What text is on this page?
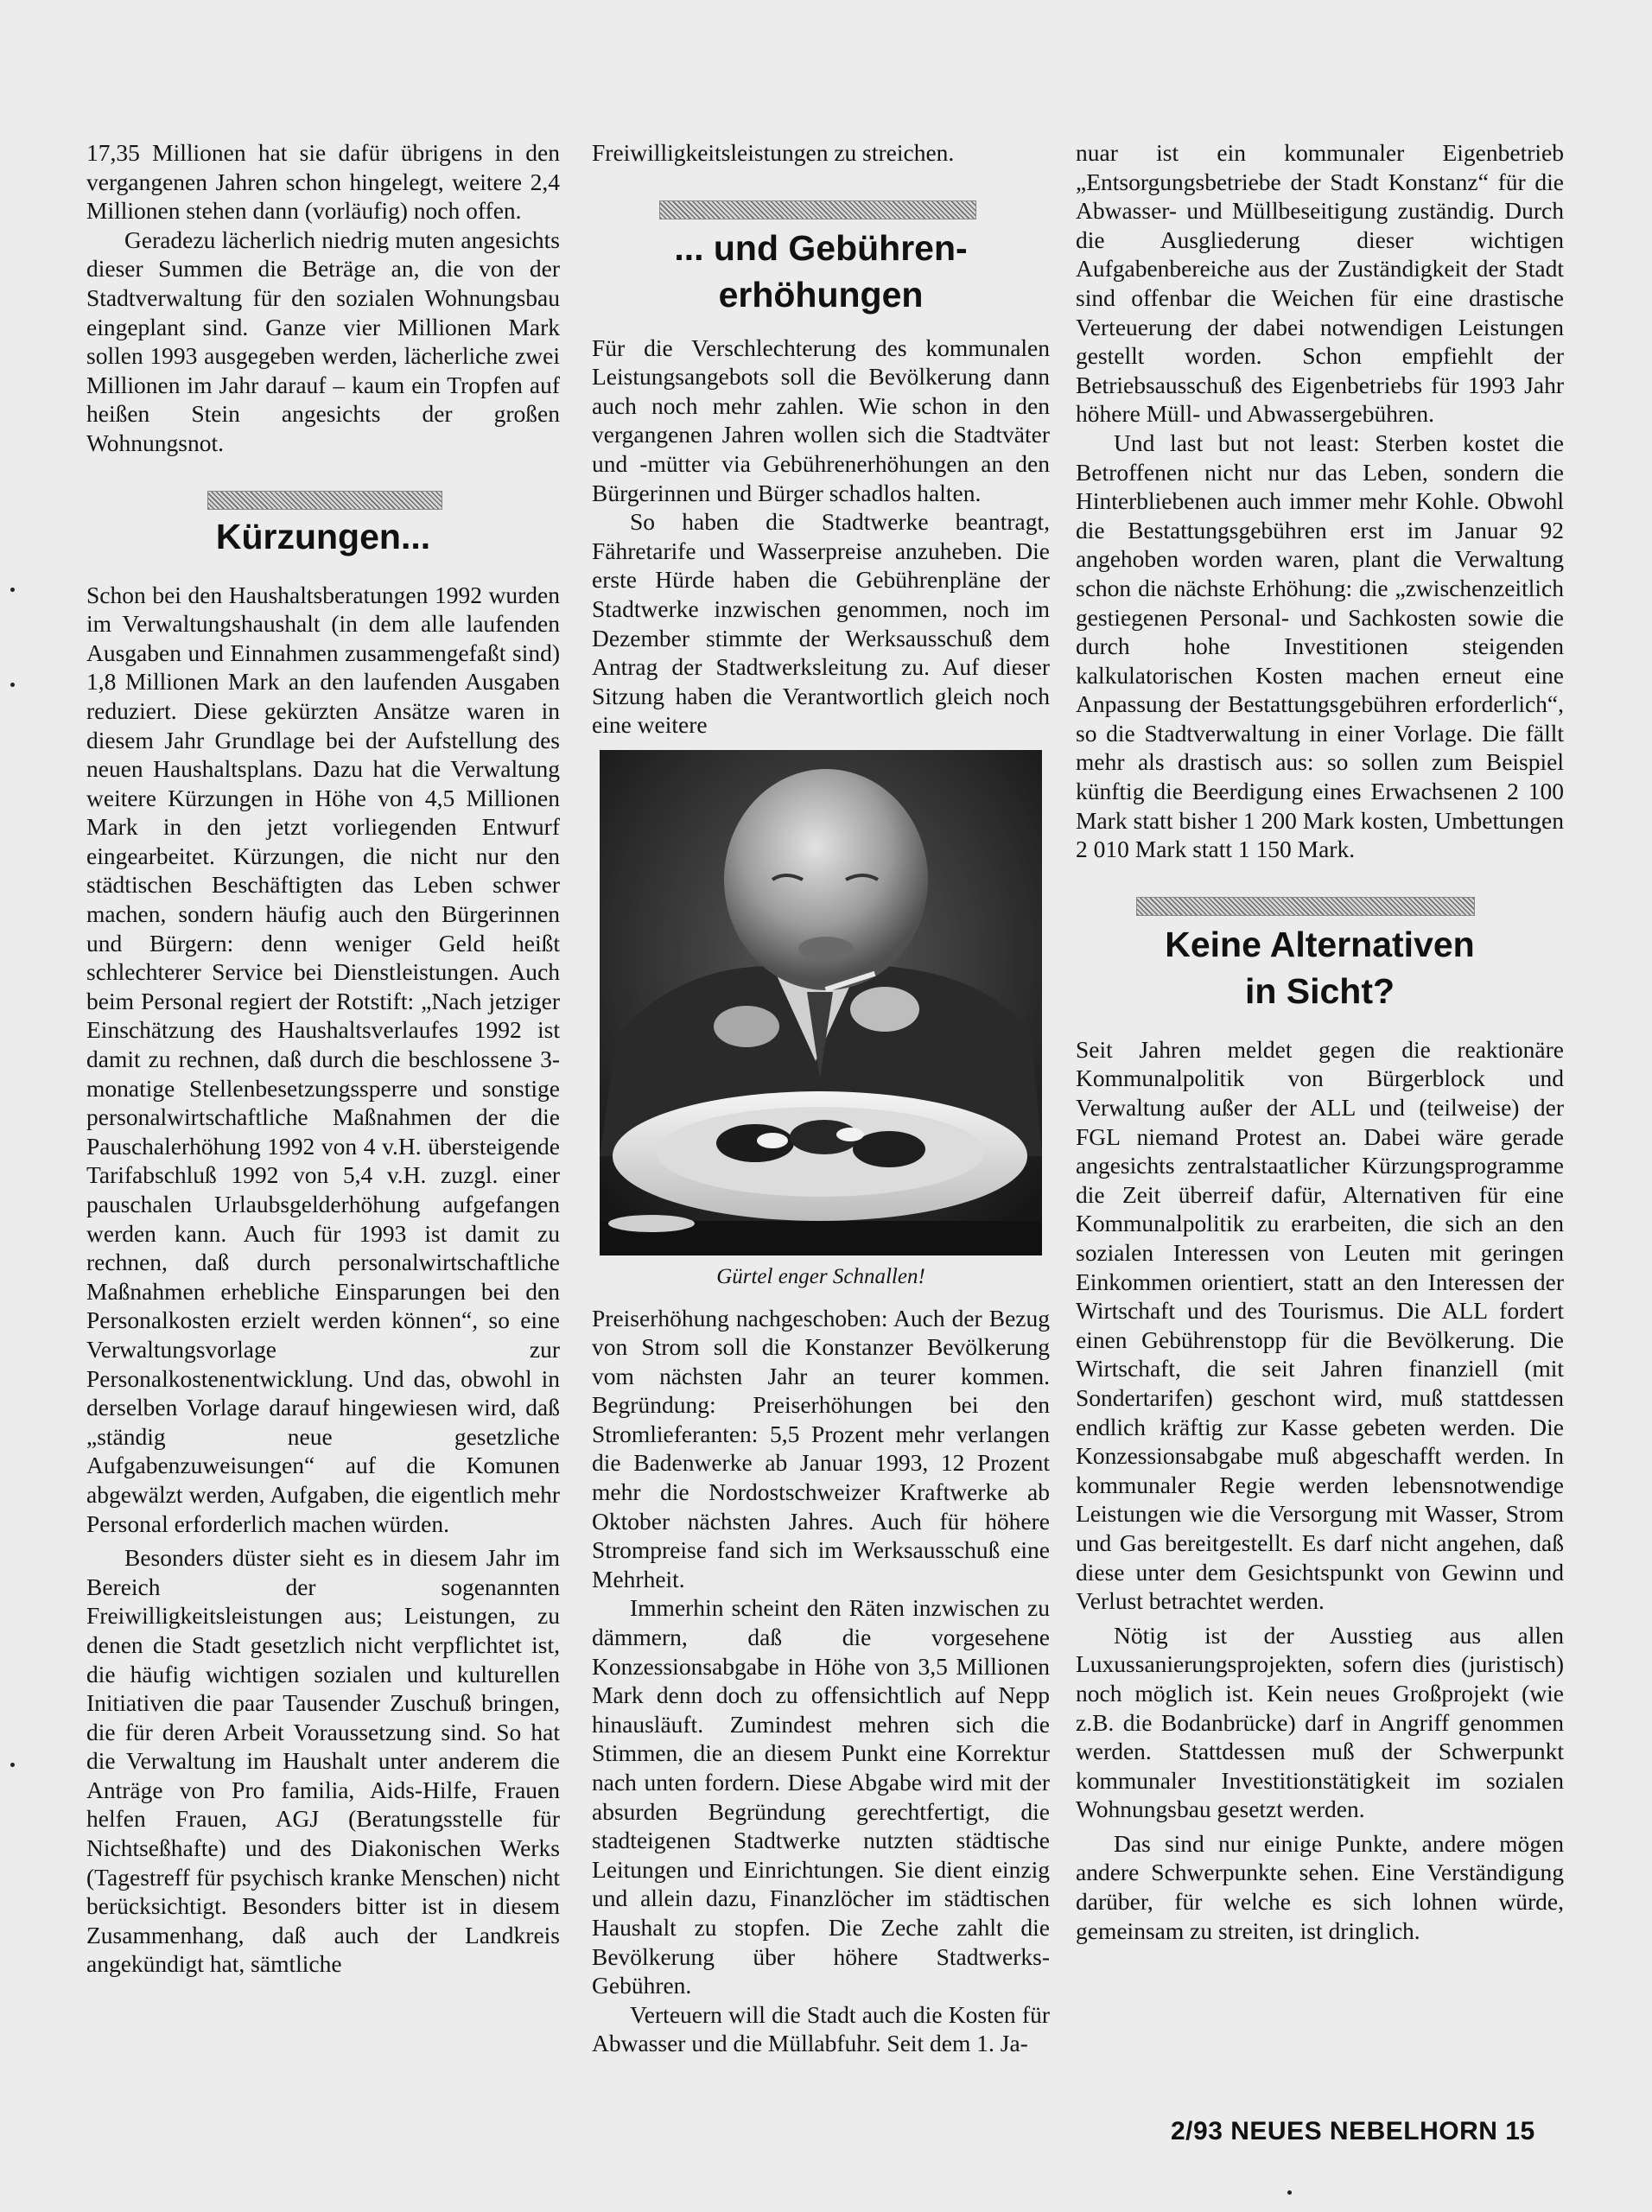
17,35 Millionen hat sie dafür übrigens in den vergangenen Jahren schon hingelegt, weitere 2,4 Millionen stehen dann (vorläufig) noch offen.

Geradezu lächerlich niedrig muten angesichts dieser Summen die Beträge an, die von der Stadtverwaltung für den sozialen Wohnungsbau eingeplant sind. Ganze vier Millionen Mark sollen 1993 ausgegeben werden, lächerliche zwei Millionen im Jahr darauf – kaum ein Tropfen auf heißen Stein angesichts der großen Wohnungsnot.

Kürzungen...

Schon bei den Haushaltsberatungen 1992 wurden im Verwaltungshaushalt (in dem alle laufenden Ausgaben und Einnahmen zusammengefaßt sind) 1,8 Millionen Mark an den laufenden Ausgaben reduziert. Diese gekürzten Ansätze waren in diesem Jahr Grundlage bei der Aufstellung des neuen Haushaltsplans. Dazu hat die Verwaltung weitere Kürzungen in Höhe von 4,5 Millionen Mark in den jetzt vorliegenden Entwurf eingearbeitet. Kürzungen, die nicht nur den städtischen Beschäftigten das Leben schwer machen, sondern häufig auch den Bürgerinnen und Bürgern: denn weniger Geld heißt schlechterer Service bei Dienstleistungen. Auch beim Personal regiert der Rotstift: „Nach jetziger Einschätzung des Haushaltsverlaufes 1992 ist damit zu rechnen, daß durch die beschlossene 3-monatige Stellenbesetzungssperre und sonstige personalwirtschaftliche Maßnahmen der die Pauschalerhöhung 1992 von 4 v.H. übersteigende Tarifabschluß 1992 von 5,4 v.H. zuzgl. einer pauschalen Urlaubsgelderhöhung aufgefangen werden kann. Auch für 1993 ist damit zu rechnen, daß durch personalwirtschaftliche Maßnahmen erhebliche Einsparungen bei den Personalkosten erzielt werden können“, so eine Verwaltungsvorlage zur Personalkostenentwicklung. Und das, obwohl in derselben Vorlage darauf hingewiesen wird, daß „ständig neue gesetzliche Aufgabenzuweisungen“ auf die Komunen abgewälzt werden, Aufgaben, die eigentlich mehr Personal erforderlich machen würden.

Besonders düster sieht es in diesem Jahr im Bereich der sogenannten Freiwilligkeitsleistungen aus; Leistungen, zu denen die Stadt gesetzlich nicht verpflichtet ist, die häufig wichtigen sozialen und kulturellen Initiativen die paar Tausender Zuschuß bringen, die für deren Arbeit Voraussetzung sind. So hat die Verwaltung im Haushalt unter anderem die Anträge von Pro familia, Aids-Hilfe, Frauen helfen Frauen, AGJ (Beratungsstelle für Nichtseßhafte) und des Diakonischen Werks (Tagestreff für psychisch kranke Menschen) nicht berücksichtigt. Besonders bitter ist in diesem Zusammenhang, daß auch der Landkreis angekündigt hat, sämtliche

Freiwilligkeitsleistungen zu streichen.

... und Gebühren-erhöhungen

Für die Verschlechterung des kommunalen Leistungsangebots soll die Bevölkerung dann auch noch mehr zahlen. Wie schon in den vergangenen Jahren wollen sich die Stadtväter und -mütter via Gebührenerhöhungen an den Bürgerinnen und Bürger schadlos halten.

So haben die Stadtwerke beantragt, Fähretarife und Wasserpreise anzuheben. Die erste Hürde haben die Gebührenpläne der Stadtwerke inzwischen genommen, noch im Dezember stimmte der Werksausschuß dem Antrag der Stadtwerksleitung zu. Auf dieser Sitzung haben die Verantwortlich gleich noch eine weitere

Gürtel enger Schnallen!

Preiserhöhung nachgeschoben: Auch der Bezug von Strom soll die Konstanzer Bevölkerung vom nächsten Jahr an teurer kommen. Begründung: Preiserhöhungen bei den Stromlieferanten: 5,5 Prozent mehr verlangen die Badenwerke ab Januar 1993, 12 Prozent mehr die Nordostschweizer Kraftwerke ab Oktober nächsten Jahres. Auch für höhere Strompreise fand sich im Werksausschuß eine Mehrheit.

Immerhin scheint den Räten inzwischen zu dämmern, daß die vorgesehene Konzessionsabgabe in Höhe von 3,5 Millionen Mark denn doch zu offensichtlich auf Nepp hinausläuft. Zumindest mehren sich die Stimmen, die an diesem Punkt eine Korrektur nach unten fordern. Diese Abgabe wird mit der absurden Begründung gerechtfertigt, die stadteigenen Stadtwerke nutzten städtische Leitungen und Einrichtungen. Sie dient einzig und allein dazu, Finanzlöcher im städtischen Haushalt zu stopfen. Die Zeche zahlt die Bevölkerung über höhere Stadtwerks-Gebühren.

Verteuern will die Stadt auch die Kosten für Abwasser und die Müllabfuhr. Seit dem 1. Ja-

nuar ist ein kommunaler Eigenbetrieb „Entsorgungsbetriebe der Stadt Konstanz“ für die Abwasser- und Müllbeseitigung zuständig. Durch die Ausgliederung dieser wichtigen Aufgabenbereiche aus der Zuständigkeit der Stadt sind offenbar die Weichen für eine drastische Verteuerung der dabei notwendigen Leistungen gestellt worden. Schon empfiehlt der Betriebsausschuß des Eigenbetriebs für 1993 Jahr höhere Müll- und Abwassergebühren.

Und last but not least: Sterben kostet die Betroffenen nicht nur das Leben, sondern die Hinterbliebenen auch immer mehr Kohle. Obwohl die Bestattungsgebühren erst im Januar 92 angehoben worden waren, plant die Verwaltung schon die nächste Erhöhung: die „zwischenzeitlich gestiegenen Personal- und Sachkosten sowie die durch hohe Investitionen steigenden kalkulatorischen Kosten machen erneut eine Anpassung der Bestattungsgebühren erforderlich“, so die Stadtverwaltung in einer Vorlage. Die fällt mehr als drastisch aus: so sollen zum Beispiel künftig die Beerdigung eines Erwachsenen 2 100 Mark statt bisher 1 200 Mark kosten, Umbettungen 2 010 Mark statt 1 150 Mark.

Keine Alternativen
in Sicht?

Seit Jahren meldet gegen die reaktionäre Kommunalpolitik von Bürgerblock und Verwaltung außer der ALL und (teilweise) der FGL niemand Protest an. Dabei wäre gerade angesichts zentralstaatlicher Kürzungsprogramme die Zeit überreif dafür, Alternativen für eine Kommunalpolitik zu erarbeiten, die sich an den sozialen Interessen von Leuten mit geringen Einkommen orientiert, statt an den Interessen der Wirtschaft und des Tourismus. Die ALL fordert einen Gebührenstopp für die Bevölkerung. Die Wirtschaft, die seit Jahren finanziell (mit Sondertarifen) geschont wird, muß stattdessen endlich kräftig zur Kasse gebeten werden. Die Konzessionsabgabe muß abgeschafft werden. In kommunaler Regie werden lebensnotwendige Leistungen wie die Versorgung mit Wasser, Strom und Gas bereitgestellt. Es darf nicht angehen, daß diese unter dem Gesichtspunkt von Gewinn und Verlust betrachtet werden.

Nötig ist der Ausstieg aus allen Luxussanierungsprojekten, sofern dies (juristisch) noch möglich ist. Kein neues Großprojekt (wie z.B. die Bodanbrücke) darf in Angriff genommen werden. Stattdessen muß der Schwerpunkt kommunaler Investitionstätigkeit im sozialen Wohnungsbau gesetzt werden.

Das sind nur einige Punkte, andere mögen andere Schwerpunkte sehen. Eine Verständigung darüber, für welche es sich lohnen würde, gemeinsam zu streiten, ist dringlich.

2/93 NEUES NEBELHORN 15
